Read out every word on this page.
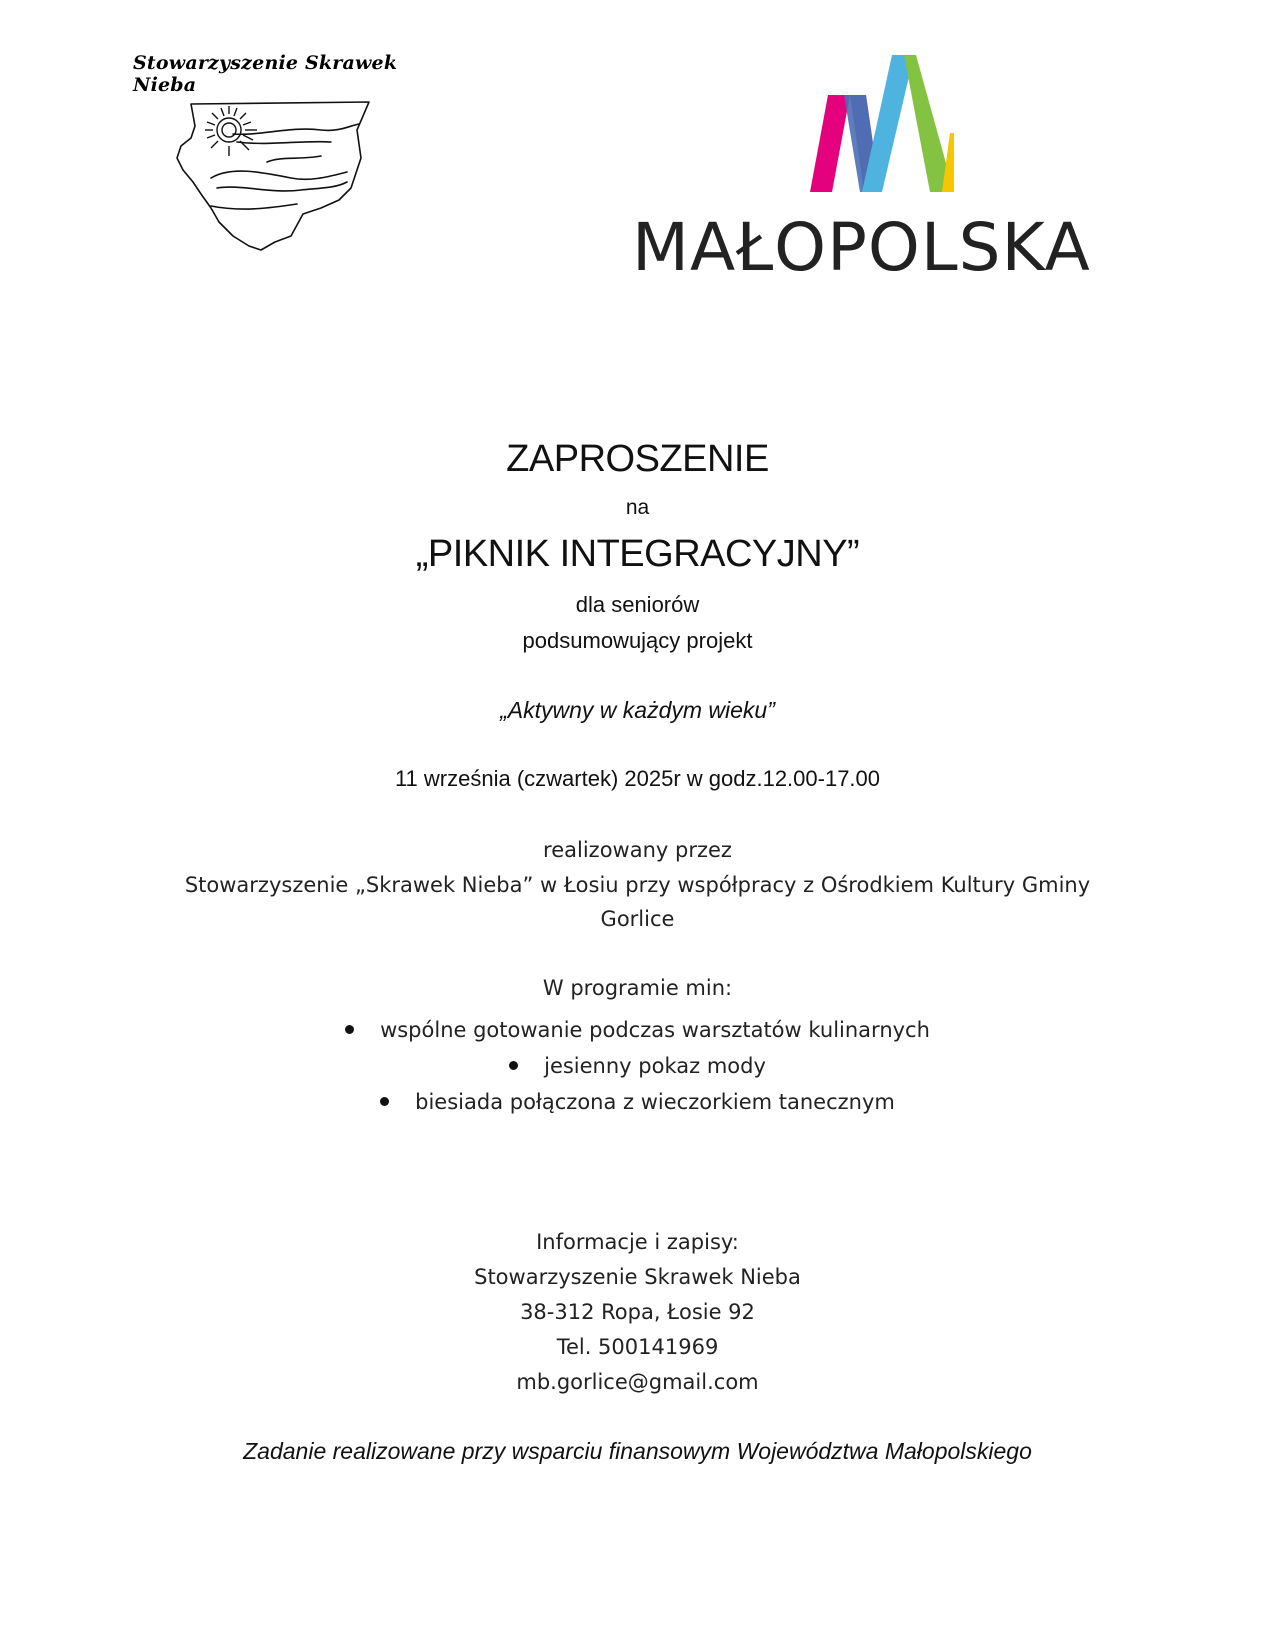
Stowarzyszenie Skrawek Nieba
MAŁOPOLSKA
ZAPROSZENIE
na
„PIKNIK INTEGRACYJNY”
dla seniorów
podsumowujący projekt
„Aktywny w każdym wieku”
11 września (czwartek) 2025r w godz.12.00-17.00
realizowany przez
Stowarzyszenie „Skrawek Nieba” w Łosiu przy współpracy z Ośrodkiem Kultury Gminy
Gorlice
W programie min:
wspólne gotowanie podczas warsztatów kulinarnych
jesienny pokaz mody
biesiada połączona z wieczorkiem tanecznym
Informacje i zapisy:
Stowarzyszenie Skrawek Nieba
38-312 Ropa, Łosie 92
Tel. 500141969
mb.gorlice@gmail.com
Zadanie realizowane przy wsparciu finansowym Województwa Małopolskiego
